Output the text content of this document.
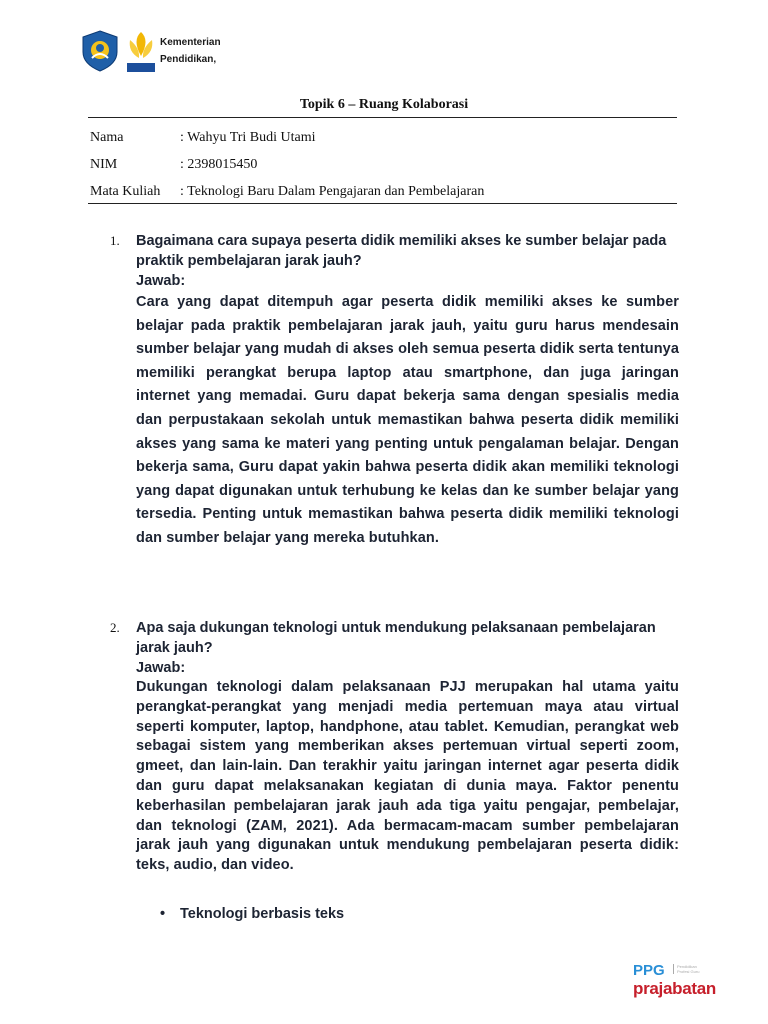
Kementerian
Pendidikan,
Topik 6 – Ruang Kolaborasi
Nama	: Wahyu Tri Budi Utami
NIM	: 2398015450
Mata Kuliah : Teknologi Baru Dalam Pengajaran dan Pembelajaran
1. Bagaimana cara supaya peserta didik memiliki akses ke sumber belajar pada praktik pembelajaran jarak jauh?
Jawab:
Cara yang dapat ditempuh agar peserta didik memiliki akses ke sumber belajar pada praktik pembelajaran jarak jauh, yaitu guru harus mendesain sumber belajar yang mudah di akses oleh semua peserta didik serta tentunya memiliki perangkat berupa laptop atau smartphone, dan juga jaringan internet yang memadai. Guru dapat bekerja sama dengan spesialis media dan perpustakaan sekolah untuk memastikan bahwa peserta didik memiliki akses yang sama ke materi yang penting untuk pengalaman belajar. Dengan bekerja sama, Guru dapat yakin bahwa peserta didik akan memiliki teknologi yang dapat digunakan untuk terhubung ke kelas dan ke sumber belajar yang tersedia. Penting untuk memastikan bahwa peserta didik memiliki teknologi dan sumber belajar yang mereka butuhkan.
2. Apa saja dukungan teknologi untuk mendukung pelaksanaan pembelajaran jarak jauh?
Jawab:
Dukungan teknologi dalam pelaksanaan PJJ merupakan hal utama yaitu perangkat-perangkat yang menjadi media pertemuan maya atau virtual seperti komputer, laptop, handphone, atau tablet. Kemudian, perangkat web sebagai sistem yang memberikan akses pertemuan virtual seperti zoom, gmeet, dan lain-lain. Dan terakhir yaitu jaringan internet agar peserta didik dan guru dapat melaksanakan kegiatan di dunia maya. Faktor penentu keberhasilan pembelajaran jarak jauh ada tiga yaitu pengajar, pembelajar, dan teknologi (ZAM, 2021). Ada bermacam-macam sumber pembelajaran jarak jauh yang digunakan untuk mendukung pembelajaran peserta didik: teks, audio, dan video.
• Teknologi berbasis teks
PPG	Pendidikan Profesi Guru
prajabatan
